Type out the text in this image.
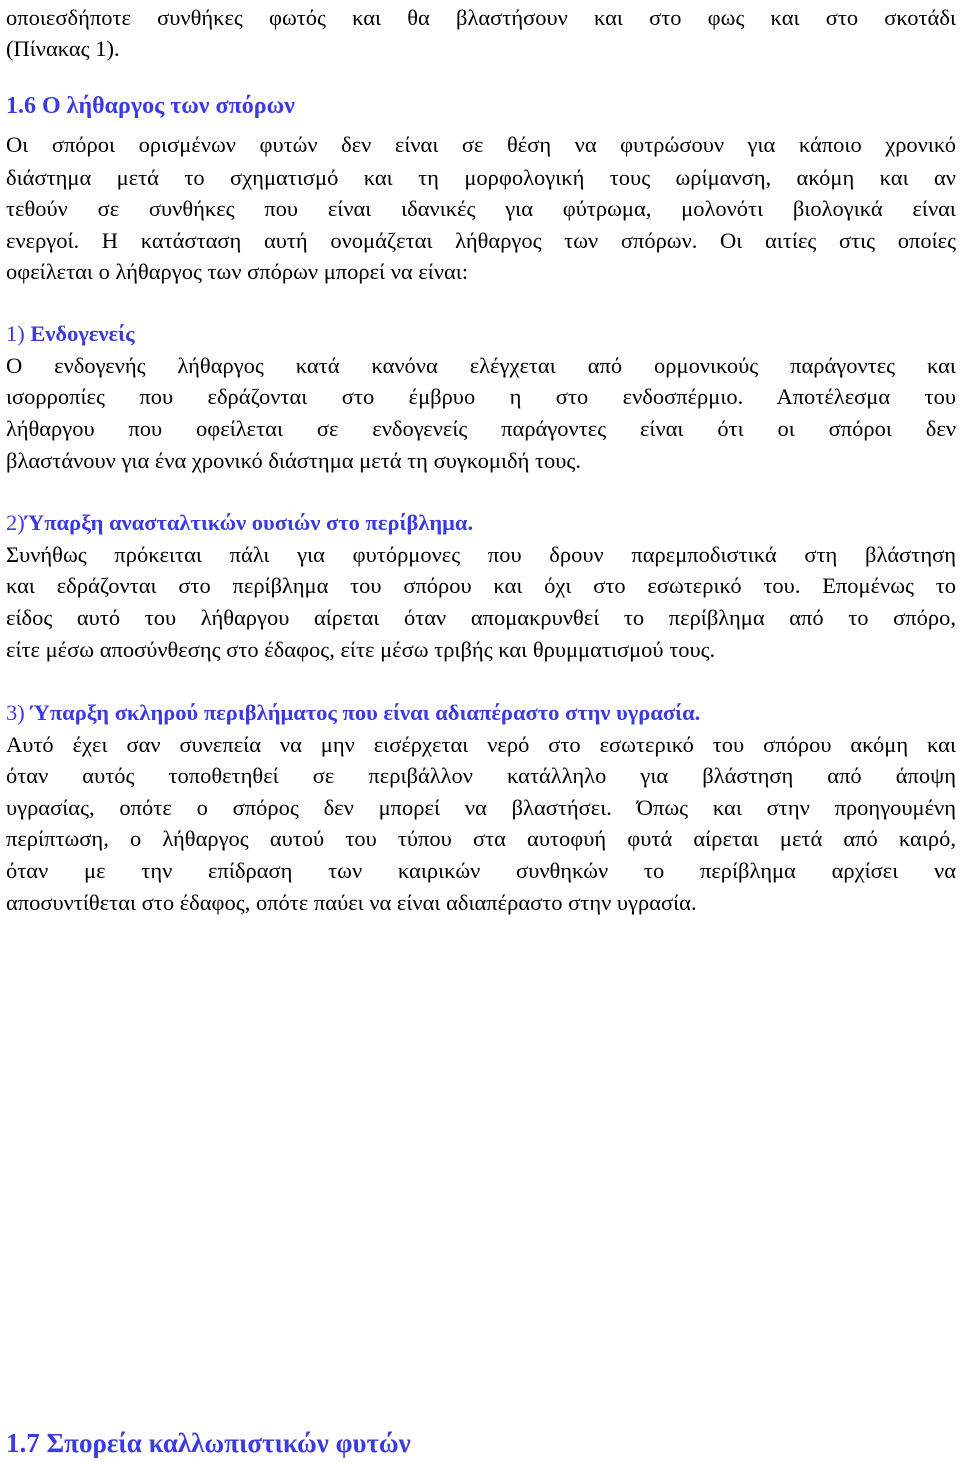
οποιεσδήποτε συνθήκες φωτός και θα βλαστήσουν και στο φως και στο σκοτάδι
(Πίνακας 1).
1.6 Ο λήθαργος των σπόρων
Οι σπόροι ορισμένων φυτών δεν είναι σε θέση να φυτρώσουν για κάποιο χρονικό
διάστημα μετά το σχηματισμό και τη μορφολογική τους ωρίμανση, ακόμη και αν
τεθούν σε συνθήκες που είναι ιδανικές για φύτρωμα, μολονότι βιολογικά είναι
ενεργοί. Η κατάσταση αυτή ονομάζεται λήθαργος των σπόρων. Οι αιτίες στις οποίες
οφείλεται ο λήθαργος των σπόρων μπορεί να είναι:
1) Ενδογενείς
Ο ενδογενής λήθαργος κατά κανόνα ελέγχεται από ορμονικούς παράγοντες και
ισορροπίες που εδράζονται στο έμβρυο η στο ενδοσπέρμιο. Αποτέλεσμα του
λήθαργου που οφείλεται σε ενδογενείς παράγοντες είναι ότι οι σπόροι δεν
βλαστάνουν για ένα χρονικό διάστημα μετά τη συγκομιδή τους.
2)Ύπαρξη ανασταλτικών ουσιών στο περίβλημα.
Συνήθως πρόκειται πάλι για φυτόρμονες που δρουν παρεμποδιστικά στη βλάστηση
και εδράζονται στο περίβλημα του σπόρου και όχι στο εσωτερικό του. Επομένως το
είδος αυτό του λήθαργου αίρεται όταν απομακρυνθεί το περίβλημα από το σπόρο,
είτε μέσω αποσύνθεσης στο έδαφος, είτε μέσω τριβής και θρυμματισμού τους.
3) Ύπαρξη σκληρού περιβλήματος που είναι αδιαπέραστο στην υγρασία.
Αυτό έχει σαν συνεπεία να μην εισέρχεται νερό στο εσωτερικό του σπόρου ακόμη και
όταν αυτός τοποθετηθεί σε περιβάλλον κατάλληλο για βλάστηση από άποψη
υγρασίας, οπότε ο σπόρος δεν μπορεί να βλαστήσει. Όπως και στην προηγουμένη
περίπτωση, ο λήθαργος αυτού του τύπου στα αυτοφυή φυτά αίρεται μετά από καιρό,
όταν με την επίδραση των καιρικών συνθηκών το περίβλημα αρχίσει να
αποσυντίθεται στο έδαφος, οπότε παύει να είναι αδιαπέραστο στην υγρασία.
1.7 Σπορεία καλλωπιστικών φυτών
